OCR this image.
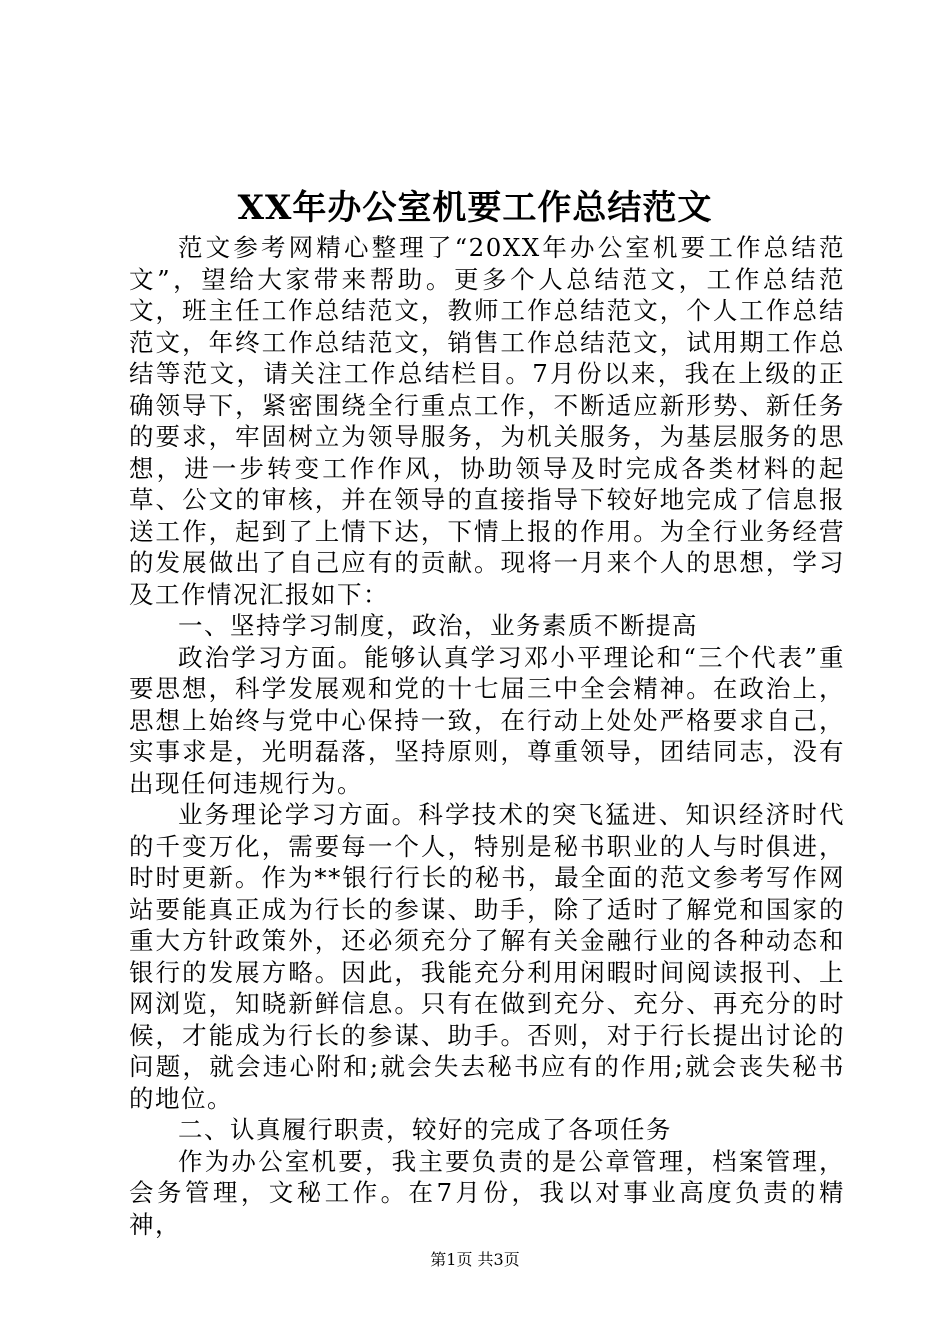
XX年办公室机要工作总结范文

范文参考网精心整理了“20XX年办公室机要工作总结范文”，望给大家带来帮助。更多个人总结范文，工作总结范文，班主任工作总结范文，教师工作总结范文，个人工作总结范文，年终工作总结范文，销售工作总结范文，试用期工作总结等范文，请关注工作总结栏目。7月份以来，我在上级的正确领导下，紧密围绕全行重点工作，不断适应新形势、新任务的要求，牢固树立为领导服务，为机关服务，为基层服务的思想，进一步转变工作作风，协助领导及时完成各类材料的起草、公文的审核，并在领导的直接指导下较好地完成了信息报送工作，起到了上情下达，下情上报的作用。为全行业务经营的发展做出了自己应有的贡献。现将一月来个人的思想，学习及工作情况汇报如下：

一、坚持学习制度，政治，业务素质不断提高

政治学习方面。能够认真学习邓小平理论和“三个代表”重要思想，科学发展观和党的十七届三中全会精神。在政治上，思想上始终与党中心保持一致，在行动上处处严格要求自己，实事求是，光明磊落，坚持原则，尊重领导，团结同志，没有出现任何违规行为。

业务理论学习方面。科学技术的突飞猛进、知识经济时代的千变万化，需要每一个人，特别是秘书职业的人与时俱进，时时更新。作为**银行行长的秘书，最全面的范文参考写作网站要能真正成为行长的参谋、助手，除了适时了解党和国家的重大方针政策外，还必须充分了解有关金融行业的各种动态和银行的发展方略。因此，我能充分利用闲暇时间阅读报刊、上网浏览，知晓新鲜信息。只有在做到充分、充分、再充分的时候，才能成为行长的参谋、助手。否则，对于行长提出讨论的问题，就会违心附和;就会失去秘书应有的作用;就会丧失秘书的地位。

二、认真履行职责，较好的完成了各项任务

作为办公室机要，我主要负责的是公章管理，档案管理，会务管理，文秘工作。在7月份，我以对事业高度负责的精神，

第1页 共3页
